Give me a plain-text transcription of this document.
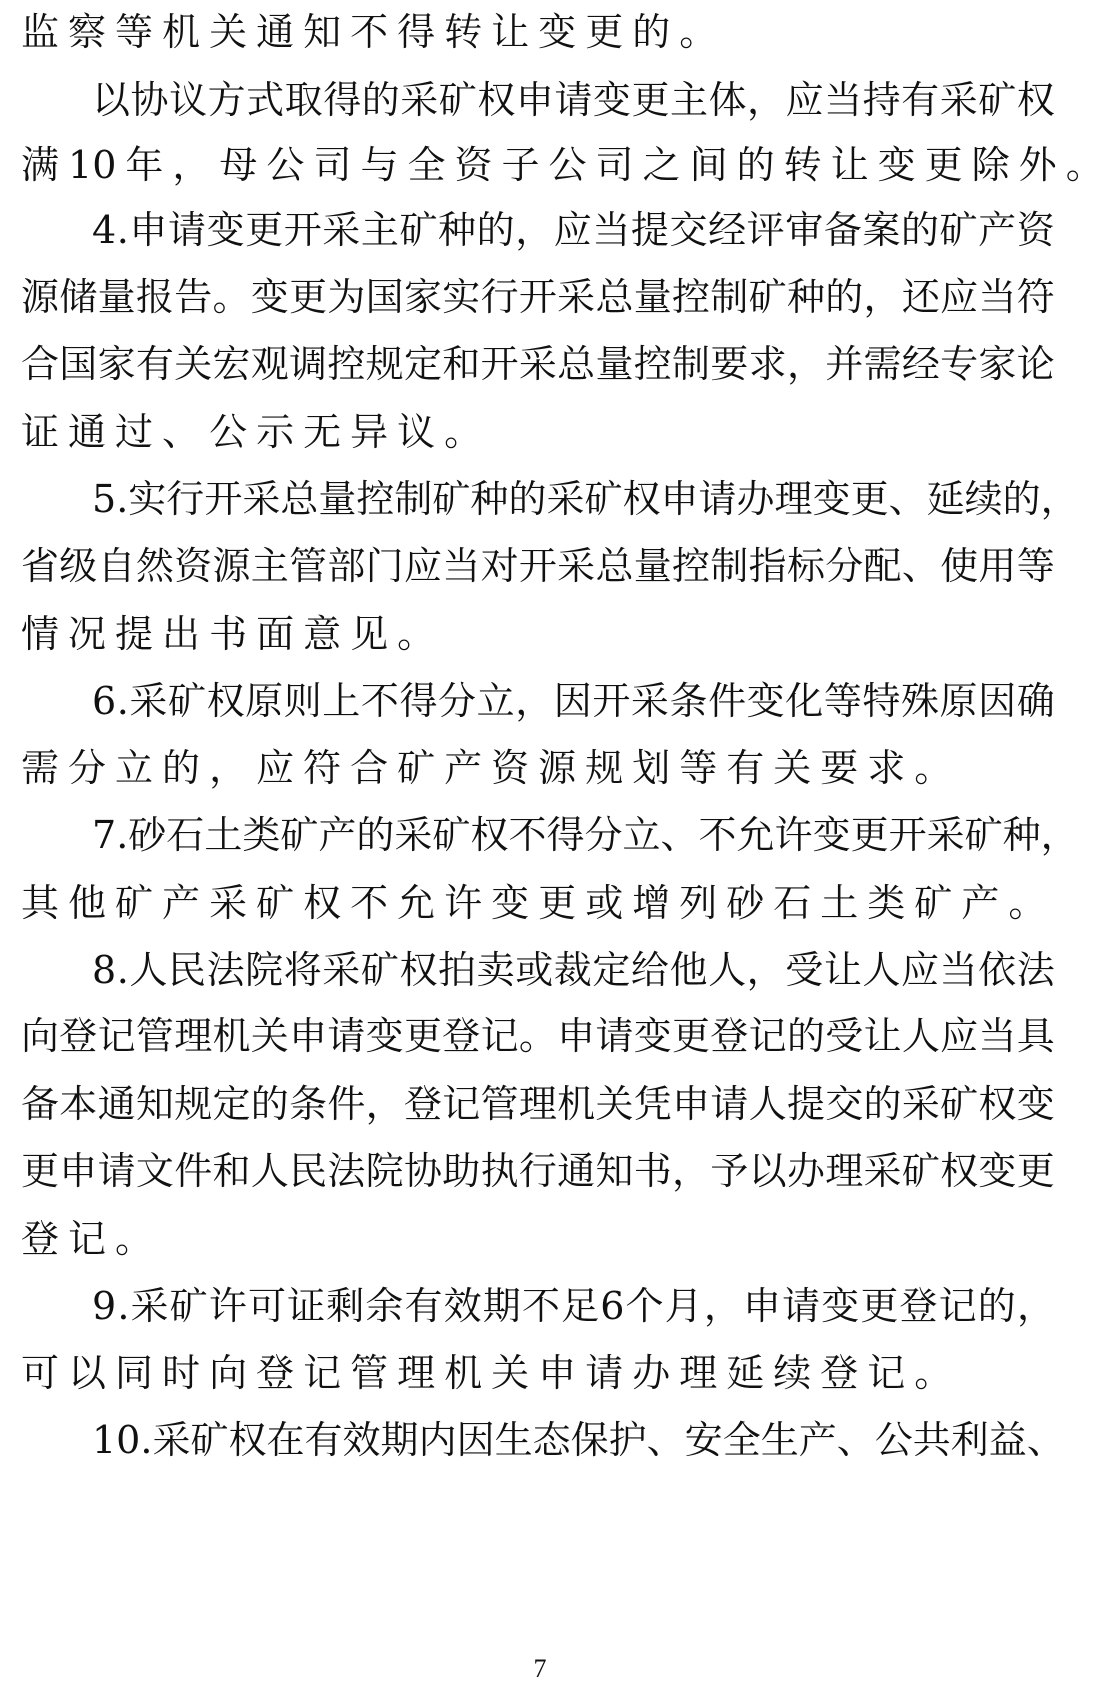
监 察 等 机 关 通 知 不 得 转 让 变 更 的 。
以 协 议 方 式 取 得 的 采 矿 权 申 请 变 更 主 体 ， 应 当 持 有 采 矿 权
满 10 年 ， 母 公 司 与 全 资 子 公 司 之 间 的 转 让 变 更 除 外 。
4 . 申 请 变 更 开 采 主 矿 种 的 ， 应 当 提 交 经 评 审 备 案 的 矿 产 资
源 储 量 报 告 。 变 更 为 国 家 实 行 开 采 总 量 控 制 矿 种 的 ， 还 应 当 符
合 国 家 有 关 宏 观 调 控 规 定 和 开 采 总 量 控 制 要 求 ， 并 需 经 专 家 论
证 通 过 、 公 示 无 异 议 。
5 . 实 行 开 采 总 量 控 制 矿 种 的 采 矿 权 申 请 办 理 变 更 、 延 续 的 ，
省 级 自 然 资 源 主 管 部 门 应 当 对 开 采 总 量 控 制 指 标 分 配 、 使 用 等
情 况 提 出 书 面 意 见 。
6 . 采 矿 权 原 则 上 不 得 分 立 ， 因 开 采 条 件 变 化 等 特 殊 原 因 确
需 分 立 的 ， 应 符 合 矿 产 资 源 规 划 等 有 关 要 求 。
7 . 砂 石 土 类 矿 产 的 采 矿 权 不 得 分 立 、 不 允 许 变 更 开 采 矿 种 ，
其 他 矿 产 采 矿 权 不 允 许 变 更 或 增 列 砂 石 土 类 矿 产 。
8 . 人 民 法 院 将 采 矿 权 拍 卖 或 裁 定 给 他 人 ， 受 让 人 应 当 依 法
向 登 记 管 理 机 关 申 请 变 更 登 记 。 申 请 变 更 登 记 的 受 让 人 应 当 具
备 本 通 知 规 定 的 条 件 ， 登 记 管 理 机 关 凭 申 请 人 提 交 的 采 矿 权 变
更 申 请 文 件 和 人 民 法 院 协 助 执 行 通 知 书 ， 予 以 办 理 采 矿 权 变 更
登 记 。
9 . 采 矿 许 可 证 剩 余 有 效 期 不 足 6 个 月 ， 申 请 变 更 登 记 的 ，
可 以 同 时 向 登 记 管 理 机 关 申 请 办 理 延 续 登 记 。
10 . 采 矿 权 在 有 效 期 内 因 生 态 保 护 、 安 全 生 产 、 公 共 利 益 、
7
